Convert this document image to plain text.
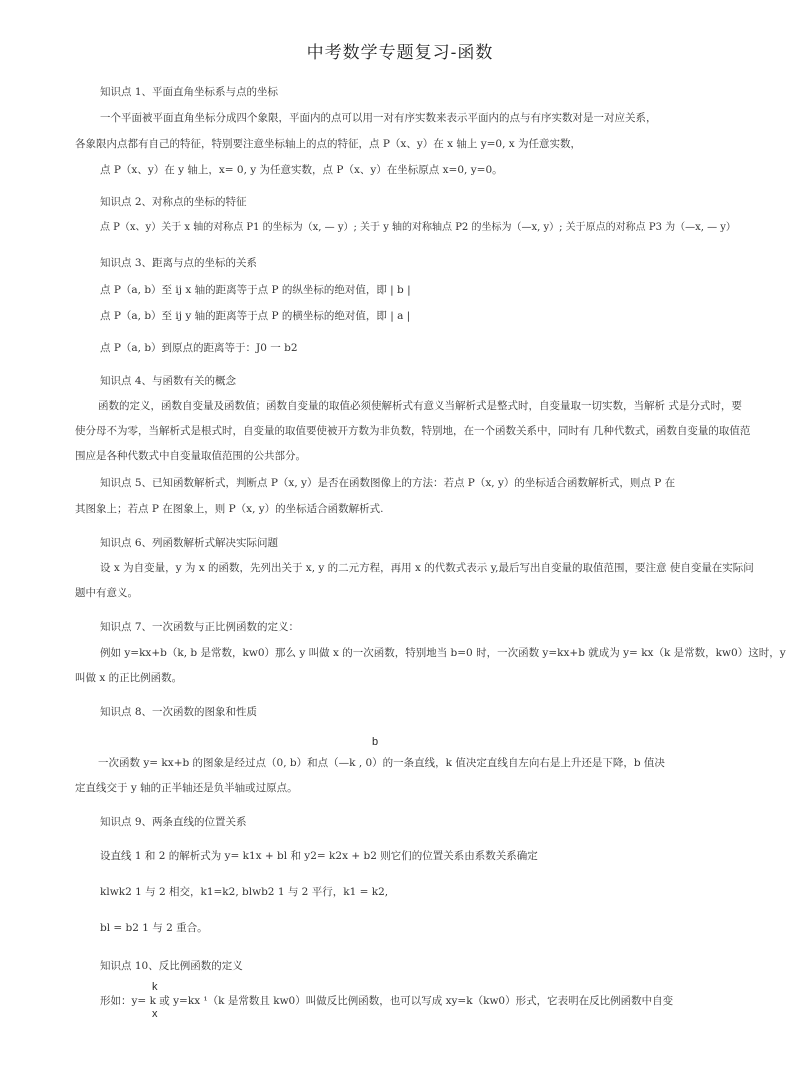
中考数学专题复习-函数
知识点 1、平面直角坐标系与点的坐标
一个平面被平面直角坐标分成四个象限，平面内的点可以用一对有序实数来表示平面内的点与有序实数对是一对应关系，
各象限内点都有自己的特征，特别要注意坐标轴上的点的特征，点 P（x、y）在 x 轴上 y=0, x 为任意实数，
点 P（x、y）在 y 轴上，x= 0, y 为任意实数，点 P（x、y）在坐标原点 x=0, y=0。
知识点 2、对称点的坐标的特征
点 P（x、y）关于 x 轴的对称点 P1 的坐标为（x, — y）; 关于 y 轴的对称轴点 P2 的坐标为（—x, y）; 关于原点的对称点 P3 为（—x, — y）
知识点 3、距离与点的坐标的关系
点 P（a, b）至 ij x 轴的距离等于点 P 的纵坐标的绝对值，即 | b |
点 P（a, b）至 ij y 轴的距离等于点 P 的横坐标的绝对值，即 | a |
点 P（a, b）到原点的距离等于：J0 一 b2
知识点 4、与函数有关的概念
函数的定义，函数自变量及函数值；函数自变量的取值必须使解析式有意义当解析式是整式时，自变量取一切实数，当解析 式是分式时，要
使分母不为零，当解析式是根式时，自变量的取值要使被开方数为非负数，特别地，在一个函数关系中，同时有 几种代数式，函数自变量的取值范
围应是各种代数式中自变量取值范围的公共部分。
知识点 5、已知函数解析式，判断点 P（x, y）是否在函数图像上的方法：若点 P（x, y）的坐标适合函数解析式，则点 P 在
其图象上；若点 P 在图象上，则 P（x, y）的坐标适合函数解析式.
知识点 6、列函数解析式解决实际问题
设 x 为自变量，y 为 x 的函数，先列出关于 x, y 的二元方程，再用 x 的代数式表示 y,最后写出自变量的取值范围，要注意 使自变量在实际问
题中有意义。
知识点 7、一次函数与正比例函数的定义：
例如 y=kx+b（k, b 是常数，kw0）那么 y 叫做 x 的一次函数，特别地当 b=0 时，一次函数 y=kx+b 就成为 y= kx（k 是常数，kw0）这时，y
叫做 x 的正比例函数。
知识点 8、一次函数的图象和性质
b
一次函数 y= kx+b 的图象是经过点（0, b）和点（—k , 0）的一条直线，k 值决定直线自左向右是上升还是下降，b 值决
定直线交于 y 轴的正半轴还是负半轴或过原点。
知识点 9、两条直线的位置关系
设直线 1 和 2 的解析式为 y= k1x + bl 和 y2= k2x + b2 则它们的位置关系由系数关系确定
klwk2 1 与 2 相交，k1=k2, blwb2 1 与 2 平行，k1 = k2,
bl = b2 1 与 2 重合。
知识点 10、反比例函数的定义
k
形如：y= k 或 y=kx ¹（k 是常数且 kw0）叫做反比例函数，也可以写成 xy=k（kw0）形式，它表明在反比例函数中自变
x
